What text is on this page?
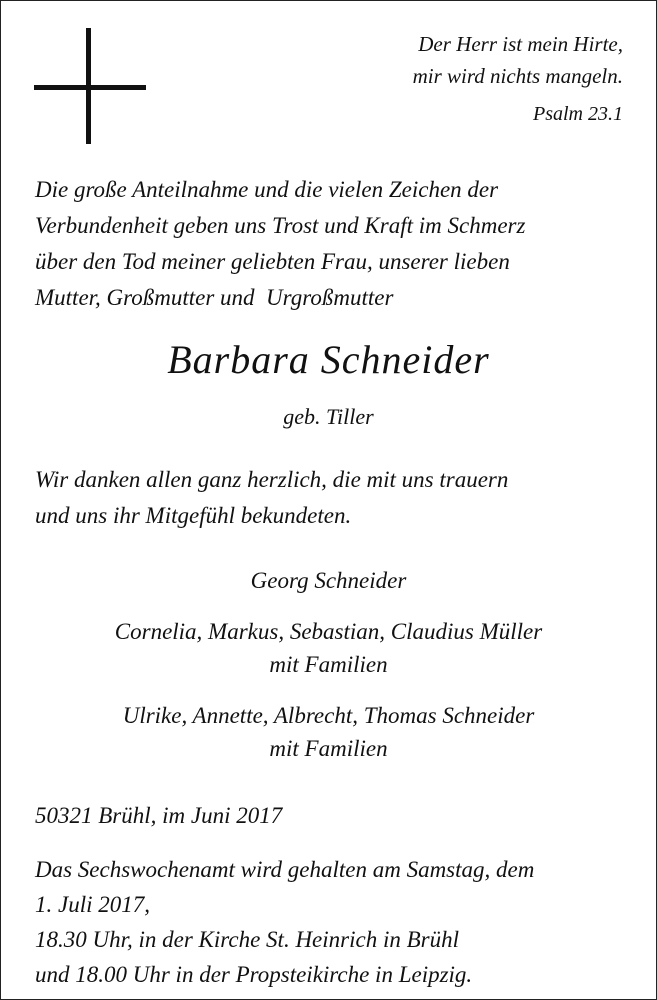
Der Herr ist mein Hirte,
mir wird nichts mangeln.
Psalm 23.1
Die große Anteilnahme und die vielen Zeichen der
Verbundenheit geben uns Trost und Kraft im Schmerz
über den Tod meiner geliebten Frau, unserer lieben
Mutter, Großmutter und  Urgroßmutter
Barbara Schneider
geb. Tiller
Wir danken allen ganz herzlich, die mit uns trauern
und uns ihr Mitgefühl bekundeten.
Georg Schneider
Cornelia, Markus, Sebastian, Claudius Müller
mit Familien
Ulrike, Annette, Albrecht, Thomas Schneider
mit Familien
50321 Brühl, im Juni 2017
Das Sechswochenamt wird gehalten am Samstag, dem
1. Juli 2017,
18.30 Uhr, in der Kirche St. Heinrich in Brühl
und 18.00 Uhr in der Propsteikirche in Leipzig.
